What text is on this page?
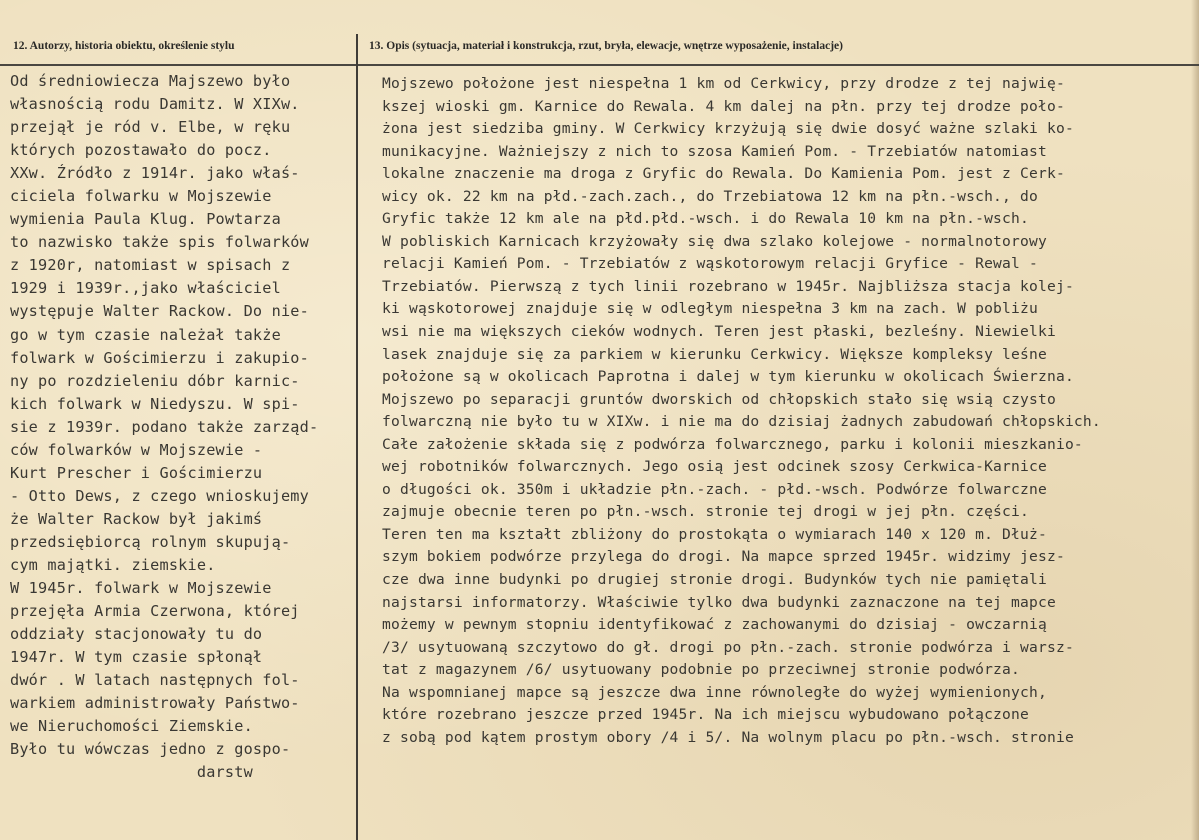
12. Autorzy, historia obiektu, określenie stylu	13. Opis (sytuacja, materiał i konstrukcja, rzut, bryła, elewacje, wnętrze wyposażenie, instalacje)
Od średniowiecza Majszewo było
własnością rodu Damitz. W XIXw.
przejął je ród v. Elbe, w ręku
których pozostawało do pocz.
XXw. Źródło z 1914r. jako właś-
ciciela folwarku w Mojszewie
wymienia Paula Klug. Powtarza
to nazwisko także spis folwarków
z 1920r, natomiast w spisach z
1929 i 1939r.,jako właściciel
występuje Walter Rackow. Do nie-
go w tym czasie należał także
folwark w Gościmierzu i zakupio-
ny po rozdzieleniu dóbr karnic-
kich folwark w Niedyszu. W spi-
sie z 1939r. podano także zarząd-
ców folwarków w Mojszewie -
Kurt Prescher i Gościmierzu
- Otto Dews, z czego wnioskujemy
że Walter Rackow był jakimś
przedsiębiorcą rolnym skupują-
cym majątki. ziemskie.
W 1945r. folwark w Mojszewie
przejęła Armia Czerwona, której
oddziały stacjonowały tu do
1947r. W tym czasie spłonął
dwór . W latach następnych fol-
warkiem administrowały Państwo-
we Nieruchomości Ziemskie.
Było tu wówczas jedno z gospo-
darstw
Mojszewo położone jest niespełna 1 km od Cerkwicy, przy drodze z tej najwię-
kszej wioski gm. Karnice do Rewala. 4 km dalej na płn. przy tej drodze poło-
żona jest siedziba gminy. W Cerkwicy krzyżują się dwie dosyć ważne szlaki ko-
munikacyjne. Ważniejszy z nich to szosa Kamień Pom. - Trzebiatów natomiast
lokalne znaczenie ma droga z Gryfic do Rewala. Do Kamienia Pom. jest z Cerk-
wicy ok. 22 km na płd.-zach.zach., do Trzebiatowa 12 km na płn.-wsch., do
Gryfic także 12 km ale na płd.płd.-wsch. i do Rewala 10 km na płn.-wsch.
W pobliskich Karnicach krzyżowały się dwa szlako kolejowe - normalnotorowy
relacji Kamień Pom. - Trzebiatów z wąskotorowym relacji Gryfice - Rewal -
Trzebiatów. Pierwszą z tych linii rozebrano w 1945r. Najbliższa stacja kolej-
ki wąskotorowej znajduje się w odległym niespełna 3 km na zach. W pobliżu
wsi nie ma większych cieków wodnych. Teren jest płaski, bezleśny. Niewielki
lasek znajduje się za parkiem w kierunku Cerkwicy. Większe kompleksy leśne
położone są w okolicach Paprotna i dalej w tym kierunku w okolicach Świerzna.
Mojszewo po separacji gruntów dworskich od chłopskich stało się wsią czysto
folwarczną nie było tu w XIXw. i nie ma do dzisiaj żadnych zabudowań chłopskich.
Całe założenie składa się z podwórza folwarcznego, parku i kolonii mieszkanio-
wej robotników folwarcznych. Jego osią jest odcinek szosy Cerkwica-Karnice
o długości ok. 350m i układzie płn.-zach. - płd.-wsch. Podwórze folwarczne
zajmuje obecnie teren po płn.-wsch. stronie tej drogi w jej płn. części.
Teren ten ma kształt zbliżony do prostokąta o wymiarach 140 x 120 m. Dłuż-
szym bokiem podwórze przylega do drogi. Na mapce sprzed 1945r. widzimy jesz-
cze dwa inne budynki po drugiej stronie drogi. Budynków tych nie pamiętali
najstarsi informatorzy. Właściwie tylko dwa budynki zaznaczone na tej mapce
możemy w pewnym stopniu identyfikować z zachowanymi do dzisiaj - owczarnią
/3/ usytuowaną szczytowo do gł. drogi po płn.-zach. stronie podwórza i warsz-
tat z magazynem /6/ usytuowany podobnie po przeciwnej stronie podwórza.
Na wspomnianej mapce są jeszcze dwa inne równoległe do wyżej wymienionych,
które rozebrano jeszcze przed 1945r. Na ich miejscu wybudowano połączone
z sobą pod kątem prostym obory /4 i 5/. Na wolnym placu po płn.-wsch. stronie
